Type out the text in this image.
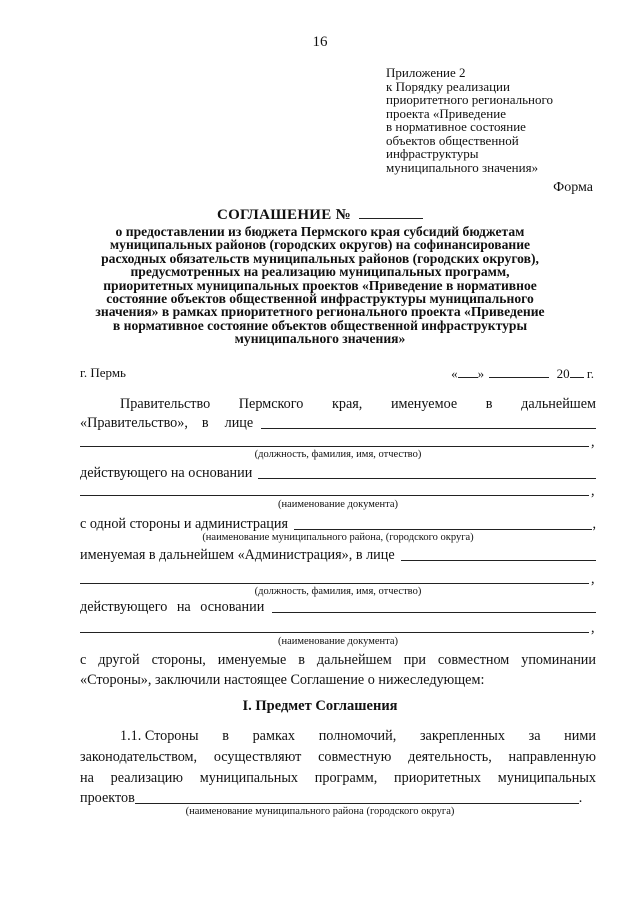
16
Приложение 2
к Порядку реализации
приоритетного регионального
проекта «Приведение
в нормативное состояние
объектов общественной
инфраструктуры
муниципального значения»
Форма
СОГЛАШЕНИЕ №
о предоставлении из бюджета Пермского края субсидий бюджетам
муниципальных районов (городских округов) на софинансирование
расходных обязательств муниципальных районов (городских округов),
предусмотренных на реализацию муниципальных программ,
приоритетных муниципальных проектов «Приведение в нормативное
состояние объектов общественной инфраструктуры муниципального
значения» в рамках приоритетного регионального проекта «Приведение
в нормативное состояние объектов общественной инфраструктуры
муниципального значения»
г. Пермь	« »	20 г.
Правительство Пермского края, именуемое в дальнейшем
«Правительство», в лице
,
(должность, фамилия, имя, отчество)
действующего на основании
,
(наименование документа)
с одной стороны и администрация	,
(наименование муниципального района, (городского округа)
именуемая в дальнейшем «Администрация», в лице
,
(должность, фамилия, имя, отчество)
действующего на основании
,
(наименование документа)
с другой стороны, именуемые в дальнейшем при совместном упоминании
«Стороны», заключили настоящее Соглашение о нижеследующем:
I. Предмет Соглашения
1.1. Стороны в рамках полномочий, закрепленных за ними
законодательством, осуществляют совместную деятельность, направленную
на реализацию муниципальных программ, приоритетных муниципальных
проектов	.
(наименование муниципального района (городского округа)
